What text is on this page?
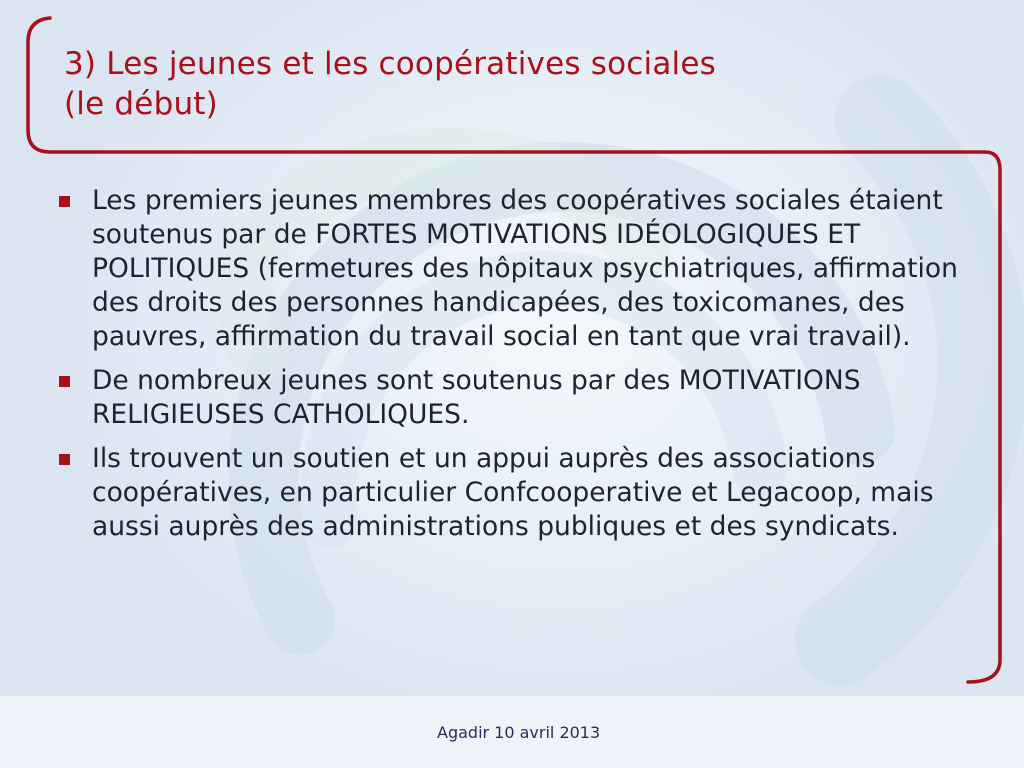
3) Les jeunes et les coopératives sociales
(le début)
Les premiers jeunes membres des coopératives sociales étaient soutenus par de FORTES MOTIVATIONS IDÉOLOGIQUES ET POLITIQUES (fermetures des hôpitaux psychiatriques, affirmation des droits des personnes handicapées, des toxicomanes, des pauvres, affirmation du travail social en tant que vrai travail).
De nombreux jeunes sont soutenus par des MOTIVATIONS RELIGIEUSES CATHOLIQUES.
Ils trouvent un soutien et un appui auprès des associations coopératives, en particulier Confcooperative et Legacoop, mais aussi auprès des administrations publiques et des syndicats.
Agadir 10 avril 2013
